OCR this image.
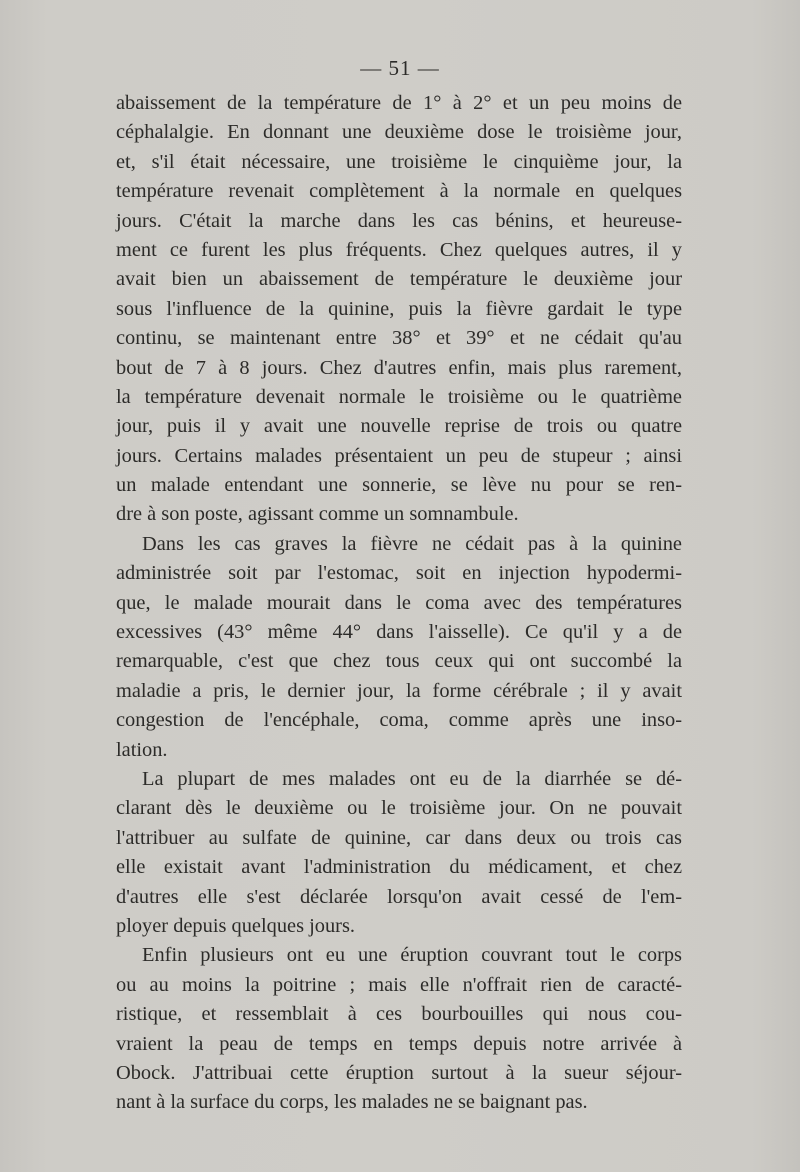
— 51 —
abaissement de la température de 1° à 2° et un peu moins de
céphalalgie. En donnant une deuxième dose le troisième jour,
et, s'il était nécessaire, une troisième le cinquième jour, la
température revenait complètement à la normale en quelques
jours. C'était la marche dans les cas bénins, et heureuse-
ment ce furent les plus fréquents. Chez quelques autres, il y
avait bien un abaissement de température le deuxième jour
sous l'influence de la quinine, puis la fièvre gardait le type
continu, se maintenant entre 38° et 39° et ne cédait qu'au
bout de 7 à 8 jours. Chez d'autres enfin, mais plus rarement,
la température devenait normale le troisième ou le quatrième
jour, puis il y avait une nouvelle reprise de trois ou quatre
jours. Certains malades présentaient un peu de stupeur ; ainsi
un malade entendant une sonnerie, se lève nu pour se ren-
dre à son poste, agissant comme un somnambule.
Dans les cas graves la fièvre ne cédait pas à la quinine
administrée soit par l'estomac, soit en injection hypodermi-
que, le malade mourait dans le coma avec des températures
excessives (43° même 44° dans l'aisselle). Ce qu'il y a de
remarquable, c'est que chez tous ceux qui ont succombé la
maladie a pris, le dernier jour, la forme cérébrale ; il y avait
congestion de l'encéphale, coma, comme après une inso-
lation.
La plupart de mes malades ont eu de la diarrhée se dé-
clarant dès le deuxième ou le troisième jour. On ne pouvait
l'attribuer au sulfate de quinine, car dans deux ou trois cas
elle existait avant l'administration du médicament, et chez
d'autres elle s'est déclarée lorsqu'on avait cessé de l'em-
ployer depuis quelques jours.
Enfin plusieurs ont eu une éruption couvrant tout le corps
ou au moins la poitrine ; mais elle n'offrait rien de caracté-
ristique, et ressemblait à ces bourbouilles qui nous cou-
vraient la peau de temps en temps depuis notre arrivée à
Obock. J'attribuai cette éruption surtout à la sueur séjour-
nant à la surface du corps, les malades ne se baignant pas.
